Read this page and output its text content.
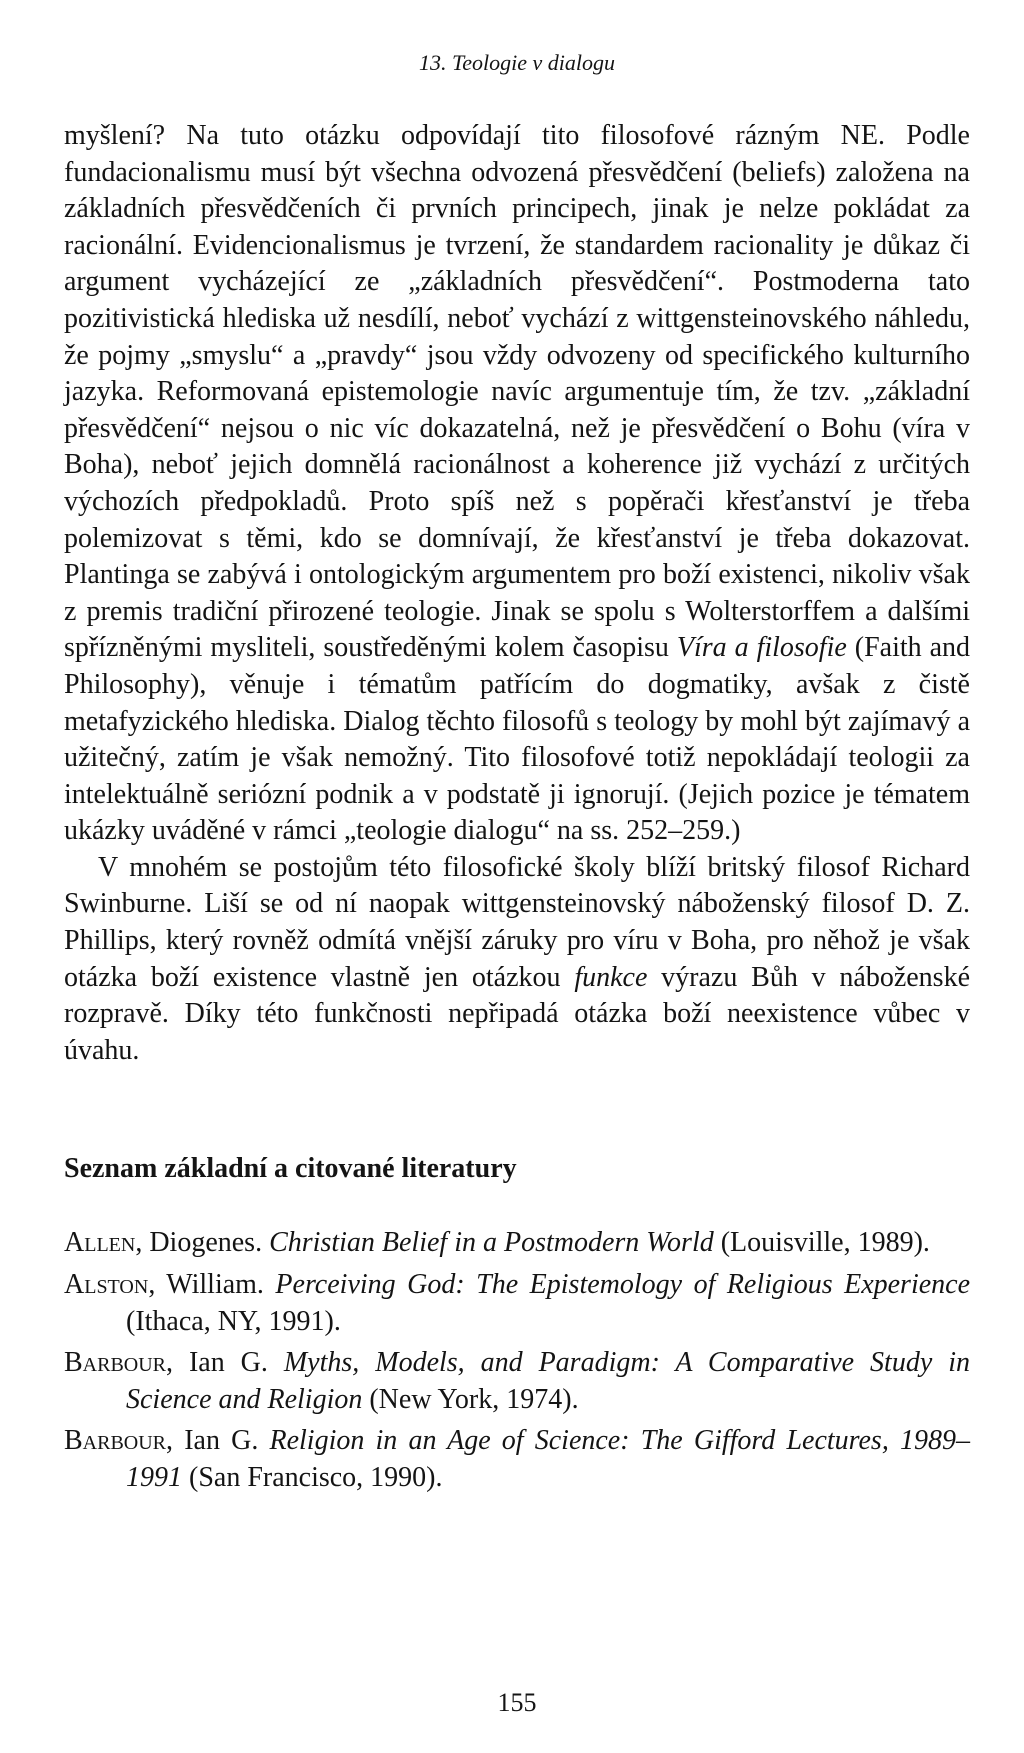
13. Teologie v dialogu

myšlení? Na tuto otázku odpovídají tito filosofové rázným NE. Podle fundacionalismu musí být všechna odvozená přesvědčení (beliefs) založena na základních přesvědčeních či prvních principech, jinak je nelze pokládat za racionální. Evidencionalismus je tvrzení, že standardem racionality je důkaz či argument vycházející ze „základních přesvědčení“. Postmoderna tato pozitivistická hlediska už nesdílí, neboť vychází z wittgensteinovského náhledu, že pojmy „smyslu“ a „pravdy“ jsou vždy odvozeny od specifického kulturního jazyka. Reformovaná epistemologie navíc argumentuje tím, že tzv. „základní přesvědčení“ nejsou o nic víc dokazatelná, než je přesvědčení o Bohu (víra v Boha), neboť jejich domnělá racionálnost a koherence již vychází z určitých výchozích předpokladů. Proto spíš než s popěrači křesťanství je třeba polemizovat s těmi, kdo se domnívají, že křesťanství je třeba dokazovat. Plantinga se zabývá i ontologickým argumentem pro boží existenci, nikoliv však z premis tradiční přirozené teologie. Jinak se spolu s Wolterstorffem a dalšími spřízněnými mysliteli, soustředěnými kolem časopisu Víra a filosofie (Faith and Philosophy), věnuje i tématům patřícím do dogmatiky, avšak z čistě metafyzického hlediska. Dialog těchto filosofů s teology by mohl být zajímavý a užitečný, zatím je však nemožný. Tito filosofové totiž nepokládají teologii za intelektuálně seriózní podnik a v podstatě ji ignorují. (Jejich pozice je tématem ukázky uváděné v rámci „teologie dialogu“ na ss. 252–259.)

V mnohém se postojům této filosofické školy blíží britský filosof Richard Swinburne. Liší se od ní naopak wittgensteinovský náboženský filosof D. Z. Phillips, který rovněž odmítá vnější záruky pro víru v Boha, pro něhož je však otázka boží existence vlastně jen otázkou funkce výrazu Bůh v náboženské rozpravě. Díky této funkčnosti nepřipadá otázka boží neexistence vůbec v úvahu.

Seznam základní a citované literatury
Allen, Diogenes. Christian Belief in a Postmodern World (Louisville, 1989).
Alston, William. Perceiving God: The Epistemology of Religious Experience (Ithaca, NY, 1991).
Barbour, Ian G. Myths, Models, and Paradigm: A Comparative Study in Science and Religion (New York, 1974).
Barbour, Ian G. Religion in an Age of Science: The Gifford Lectures, 1989–1991 (San Francisco, 1990).
155
